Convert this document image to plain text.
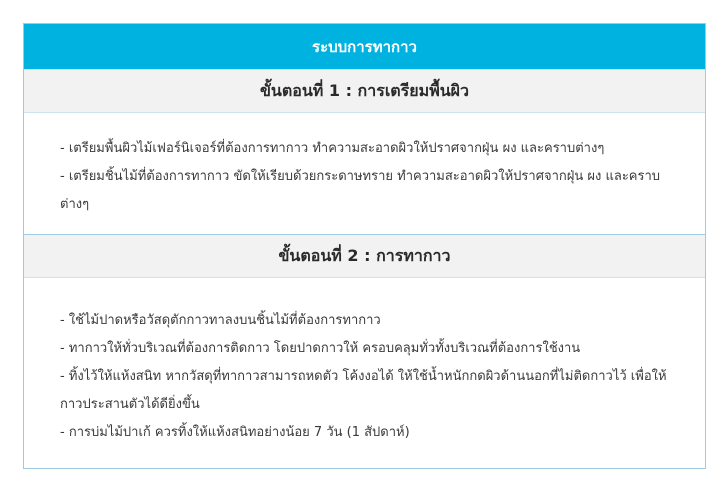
ระบบการทากาว
ขั้นตอนที่ 1 : การเตรียมพื้นผิว
- เตรียมพื้นผิวไม้เฟอร์นิเจอร์ที่ต้องการทากาว ทำความสะอาดผิวให้ปราศจากฝุ่น ผง และคราบต่างๆ
- เตรียมชิ้นไม้ที่ต้องการทากาว ขัดให้เรียบด้วยกระดาษทราย ทำความสะอาดผิวให้ปราศจากฝุ่น ผง และคราบต่างๆ
ขั้นตอนที่ 2 : การทากาว
- ใช้ไม้ปาดหรือวัสดุตักกาวทาลงบนชิ้นไม้ที่ต้องการทากาว
- ทากาวให้ทั่วบริเวณที่ต้องการติดกาว โดยปาดกาวให้ ครอบคลุมทั่วทั้งบริเวณที่ต้องการใช้งาน
- ทิ้งไว้ให้แห้งสนิท หากวัสดุที่ทากาวสามารถหดตัว โค้งงอได้ ให้ใช้น้ำหนักกดผิวด้านนอกที่ไม่ติดกาวไว้ เพื่อให้กาวประสานตัวได้ดียิ่งขึ้น
- การบ่มไม้ปาเก้ ควรทิ้งให้แห้งสนิทอย่างน้อย 7 วัน (1 สัปดาห์)
